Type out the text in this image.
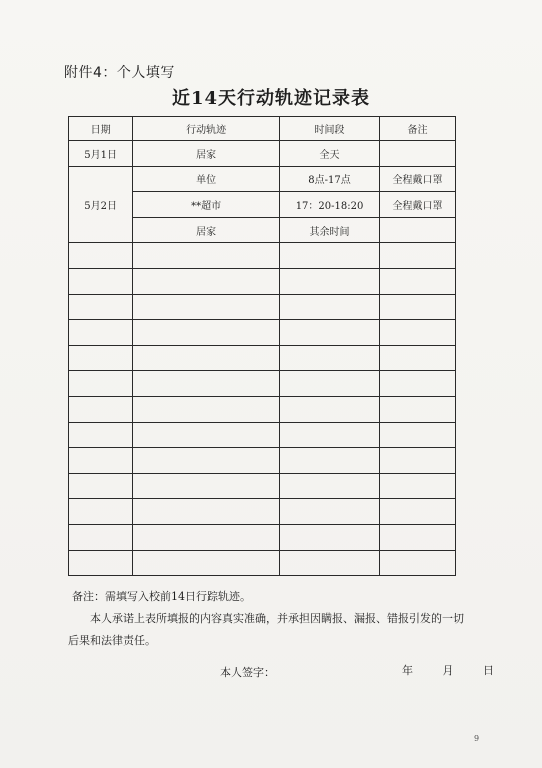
附件4：个人填写
近14天行动轨迹记录表
日期	行动轨迹	时间段	备注
5月1日	居家	全天	
5月2日	单位	8点-17点	全程戴口罩
	**超市	17：20-18:20	全程戴口罩
	居家	其余时间	

备注：需填写入校前14日行踪轨迹。
本人承诺上表所填报的内容真实准确，并承担因瞒报、漏报、错报引发的一切后果和法律责任。
本人签字：	年	月	日
9
